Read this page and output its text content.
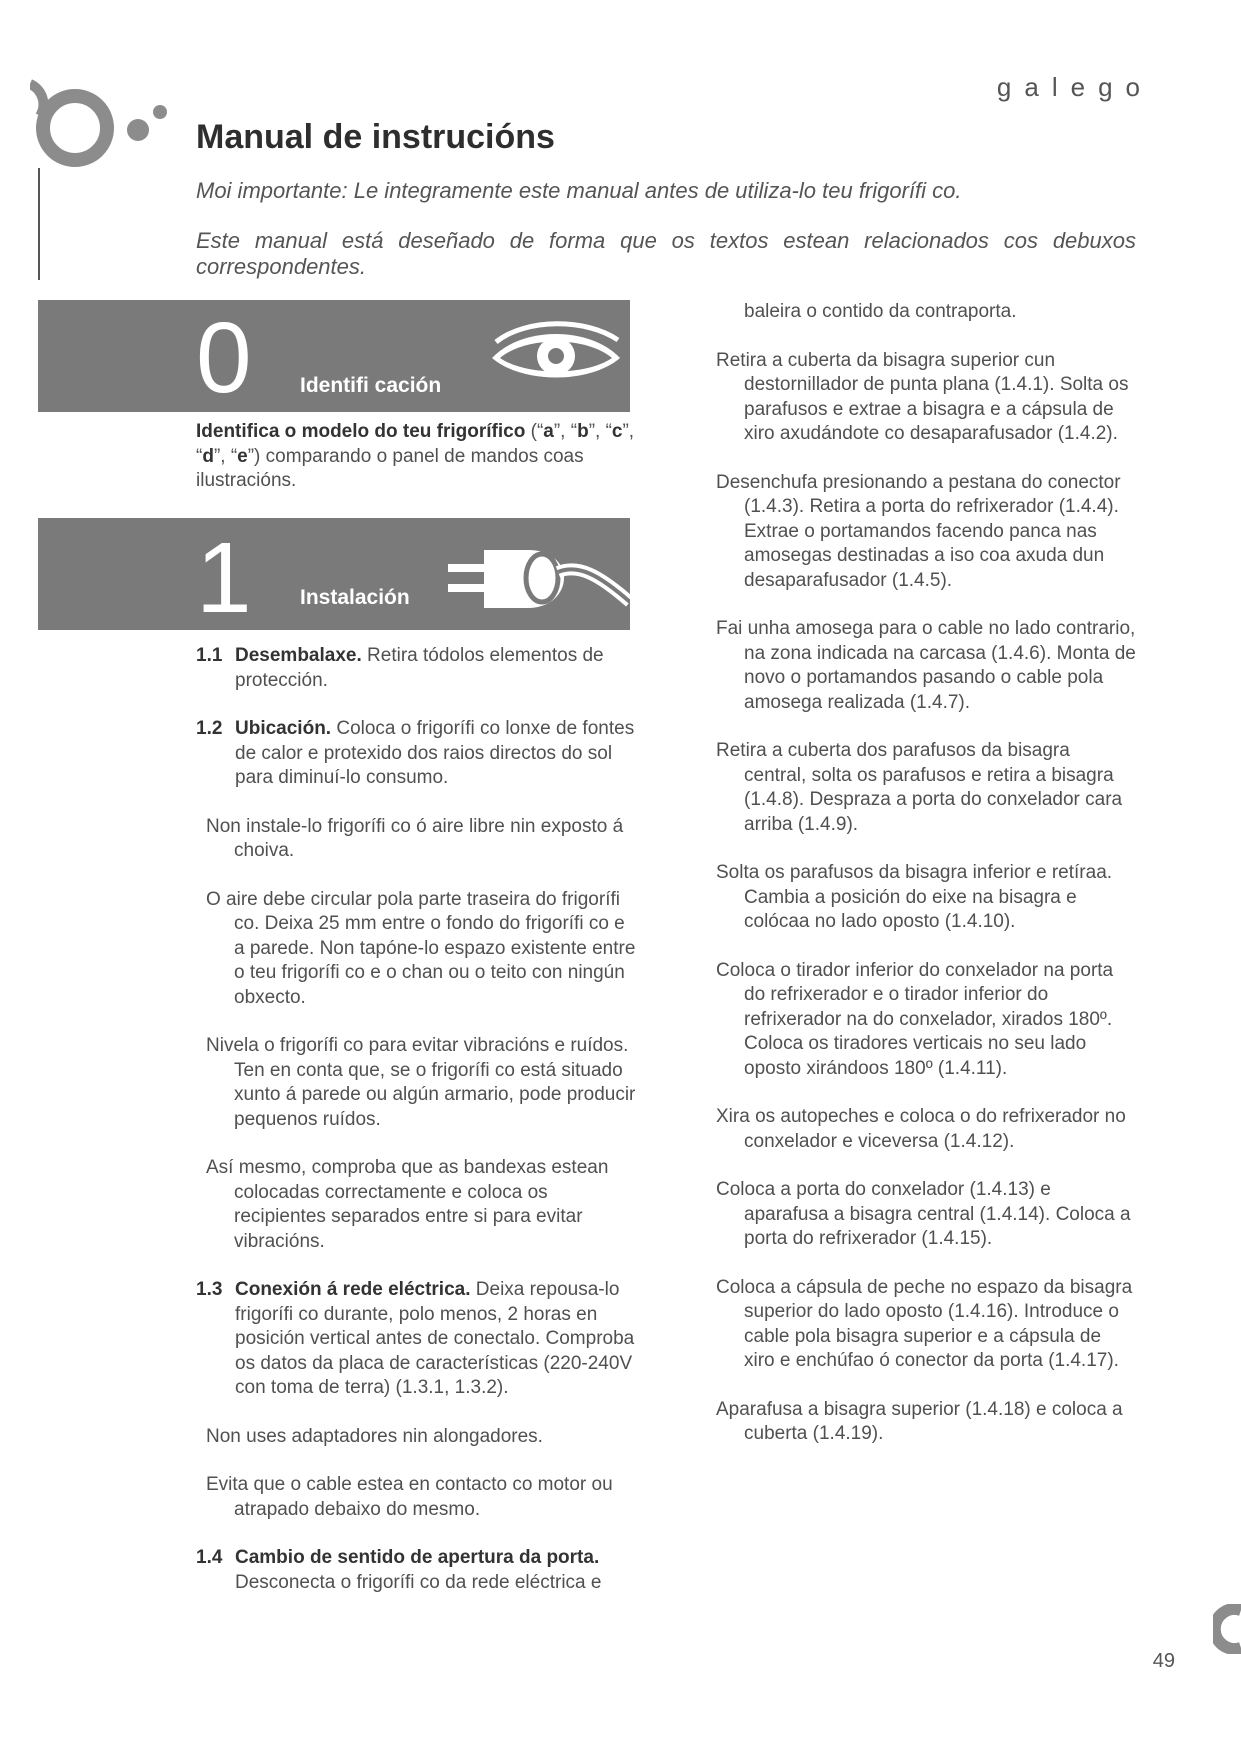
galego
Manual de instrucións

Moi importante: Le integramente este manual antes de utiliza-lo teu frigorífi co.

Este manual está deseñado de forma que os textos estean relacionados cos debuxos correspondentes.

0 Identifi cación
Identifica o modelo do teu frigorífico (“a”, “b”, “c”, “d”, “e”) comparando o panel de mandos coas ilustracións.
1 Instalación

1.1 Desembalaxe. Retira tódolos elementos de protección.

1.2 Ubicación. Coloca o frigorífi co lonxe de fontes de calor e protexido dos raios directos do sol para diminuí-lo consumo.

Non instale-lo frigorífi co ó aire libre nin exposto á choiva.

O aire debe circular pola parte traseira do frigorífi co. Deixa 25 mm entre o fondo do frigorífi co e a parede. Non tapóne-lo espazo existente entre o teu frigorífi co e o chan ou o teito con ningún obxecto.

Nivela o frigorífi co para evitar vibracións e ruídos. Ten en conta que, se o frigorífi co está situado xunto á parede ou algún armario, pode producir pequenos ruídos.

Así mesmo, comproba que as bandexas estean colocadas correctamente e coloca os recipientes separados entre si para evitar vibracións.

1.3 Conexión á rede eléctrica. Deixa repousa-lo frigorífi co durante, polo menos, 2 horas en posición vertical antes de conectalo. Comproba os datos da placa de características (220-240V con toma de terra) (1.3.1, 1.3.2).

Non uses adaptadores nin alongadores.

Evita que o cable estea en contacto co motor ou atrapado debaixo do mesmo.

1.4 Cambio de sentido de apertura da porta.
Desconecta o frigorífi co da rede eléctrica e

baleira o contido da contraporta.

Retira a cuberta da bisagra superior cun destornillador de punta plana (1.4.1). Solta os parafusos e extrae a bisagra e a cápsula de xiro axudándote co desaparafusador (1.4.2).

Desenchufa presionando a pestana do conector (1.4.3). Retira a porta do refrixerador (1.4.4). Extrae o portamandos facendo panca nas amosegas destinadas a iso coa axuda dun desaparafusador (1.4.5).

Fai unha amosega para o cable no lado contrario, na zona indicada na carcasa (1.4.6). Monta de novo o portamandos pasando o cable pola amosega realizada (1.4.7).

Retira a cuberta dos parafusos da bisagra central, solta os parafusos e retira a bisagra (1.4.8). Despraza a porta do conxelador cara arriba (1.4.9).

Solta os parafusos da bisagra inferior e retíraa. Cambia a posición do eixe na bisagra e colócaa no lado oposto (1.4.10).

Coloca o tirador inferior do conxelador na porta do refrixerador e o tirador inferior do refrixerador na do conxelador, xirados 180º. Coloca os tiradores verticais no seu lado oposto xirándoos 180º (1.4.11).

Xira os autopeches e coloca o do refrixerador no conxelador e viceversa (1.4.12).

Coloca a porta do conxelador (1.4.13) e aparafusa a bisagra central (1.4.14). Coloca a porta do refrixerador (1.4.15).

Coloca a cápsula de peche no espazo da bisagra superior do lado oposto (1.4.16). Introduce o cable pola bisagra superior e a cápsula de xiro e enchúfao ó conector da porta (1.4.17).

Aparafusa a bisagra superior (1.4.18) e coloca a cuberta (1.4.19).

49
